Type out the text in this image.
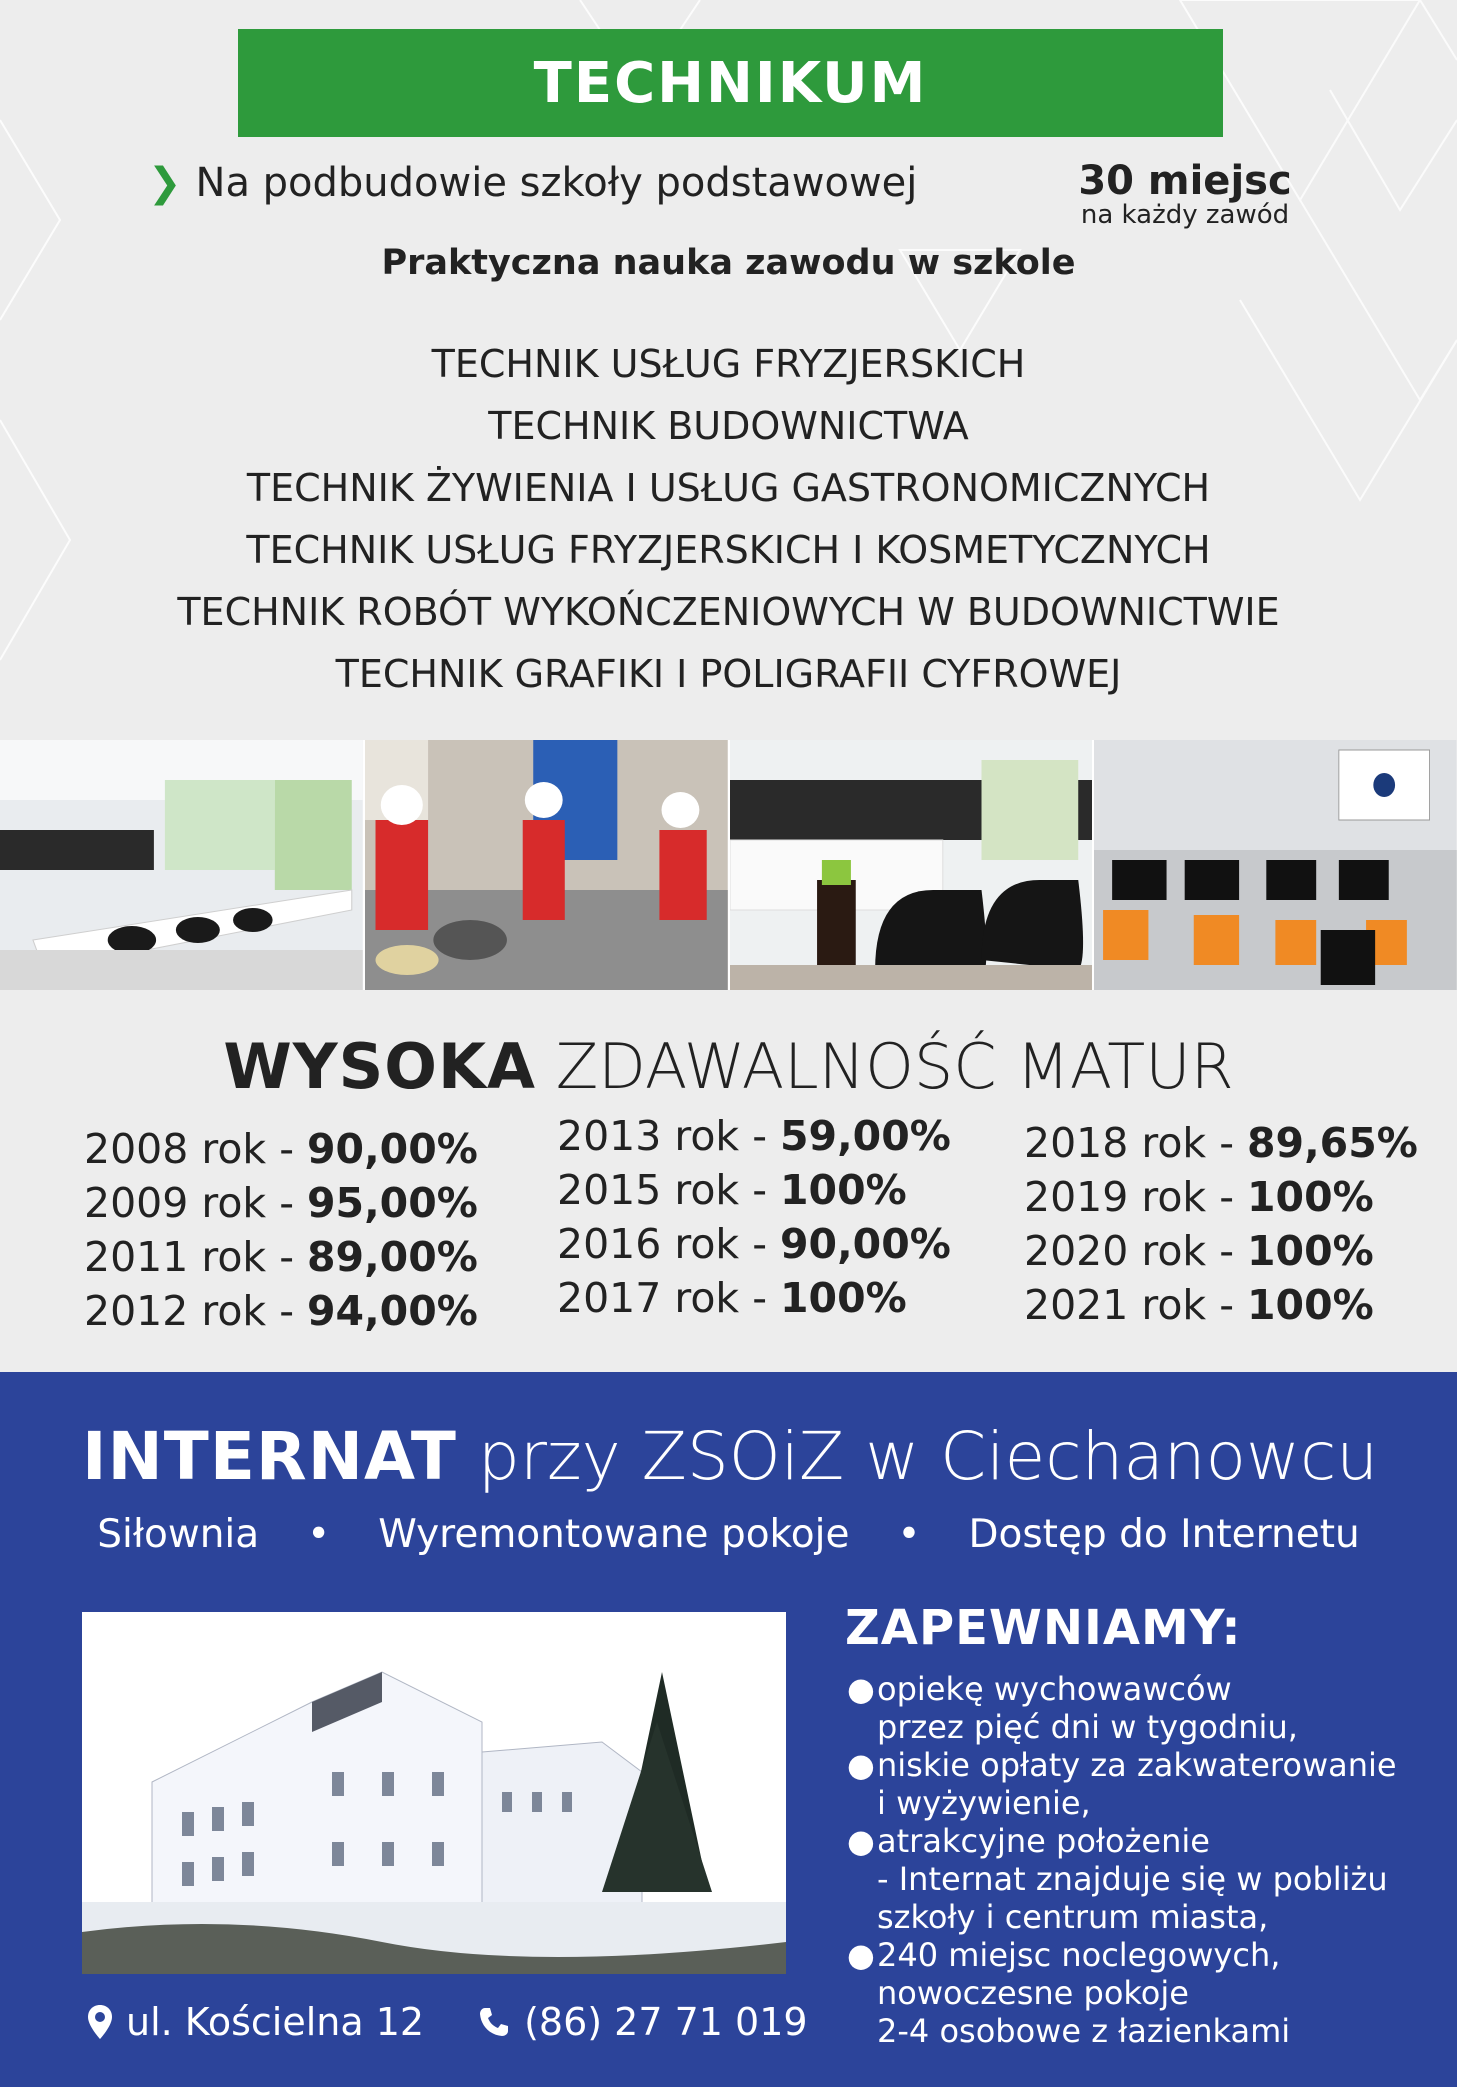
TECHNIKUM
❯ Na podbudowie szkoły podstawowej	30 miejsc
na każdy zawód
Praktyczna nauka zawodu w szkole
TECHNIK USŁUG FRYZJERSKICH
TECHNIK BUDOWNICTWA
TECHNIK ŻYWIENIA I USŁUG GASTRONOMICZNYCH
TECHNIK USŁUG FRYZJERSKICH I KOSMETYCZNYCH
TECHNIK ROBÓT WYKOŃCZENIOWYCH W BUDOWNICTWIE
TECHNIK GRAFIKI I POLIGRAFII CYFROWEJ
WYSOKA ZDAWALNOŚĆ MATUR
2008 rok - 90,00%
2009 rok - 95,00%
2011 rok - 89,00%
2012 rok - 94,00%
2013 rok - 59,00%
2015 rok - 100%
2016 rok - 90,00%
2017 rok - 100%
2018 rok - 89,65%
2019 rok - 100%
2020 rok - 100%
2021 rok - 100%
INTERNAT przy ZSOiZ w Ciechanowcu
Siłownia	•	Wyremontowane pokoje	•	Dostęp do Internetu
ZAPEWNIAMY:
● opiekę wychowawców
przez pięć dni w tygodniu,
● niskie opłaty za zakwaterowanie
i wyżywienie,
● atrakcyjne położenie
- Internat znajduje się w pobliżu
szkoły i centrum miasta,
● 240 miejsc noclegowych,
nowoczesne pokoje
2-4 osobowe z łazienkami
ul. Kościelna 12	(86) 27 71 019
